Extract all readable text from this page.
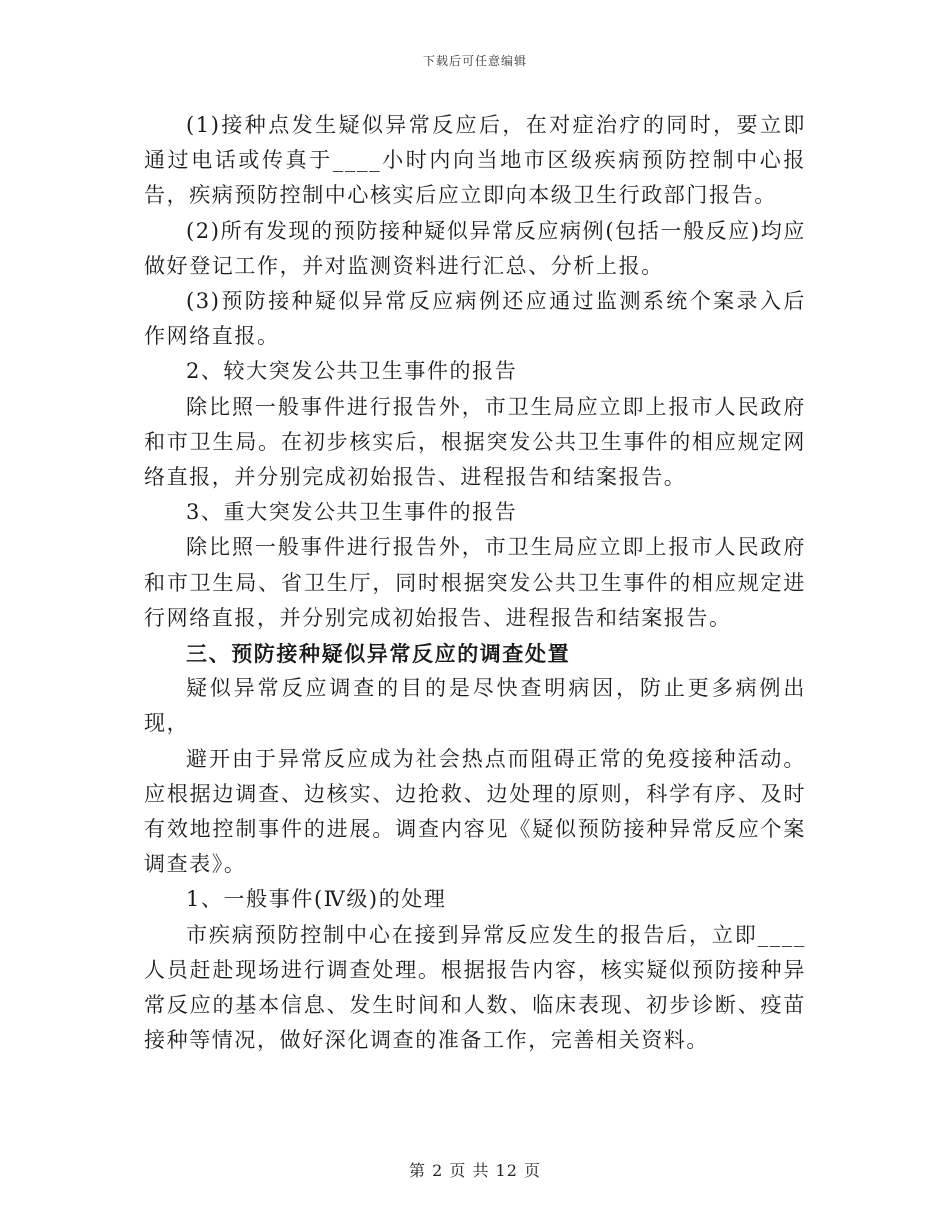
下载后可任意编辑

(1)接种点发生疑似异常反应后，在对症治疗的同时，要立即通过电话或传真于____小时内向当地市区级疾病预防控制中心报告，疾病预防控制中心核实后应立即向本级卫生行政部门报告。

(2)所有发现的预防接种疑似异常反应病例(包括一般反应)均应做好登记工作，并对监测资料进行汇总、分析上报。

(3)预防接种疑似异常反应病例还应通过监测系统个案录入后作网络直报。

2、较大突发公共卫生事件的报告

除比照一般事件进行报告外，市卫生局应立即上报市人民政府和市卫生局。在初步核实后，根据突发公共卫生事件的相应规定网络直报，并分别完成初始报告、进程报告和结案报告。

3、重大突发公共卫生事件的报告

除比照一般事件进行报告外，市卫生局应立即上报市人民政府和市卫生局、省卫生厅，同时根据突发公共卫生事件的相应规定进行网络直报，并分别完成初始报告、进程报告和结案报告。

三、预防接种疑似异常反应的调查处置

疑似异常反应调查的目的是尽快查明病因，防止更多病例出现，

避开由于异常反应成为社会热点而阻碍正常的免疫接种活动。应根据边调查、边核实、边抢救、边处理的原则，科学有序、及时有效地控制事件的进展。调查内容见《疑似预防接种异常反应个案调查表》。

1、一般事件(Ⅳ级)的处理

市疾病预防控制中心在接到异常反应发生的报告后，立即____人员赶赴现场进行调查处理。根据报告内容，核实疑似预防接种异常反应的基本信息、发生时间和人数、临床表现、初步诊断、疫苗接种等情况，做好深化调查的准备工作，完善相关资料。

第 2 页 共 12 页
